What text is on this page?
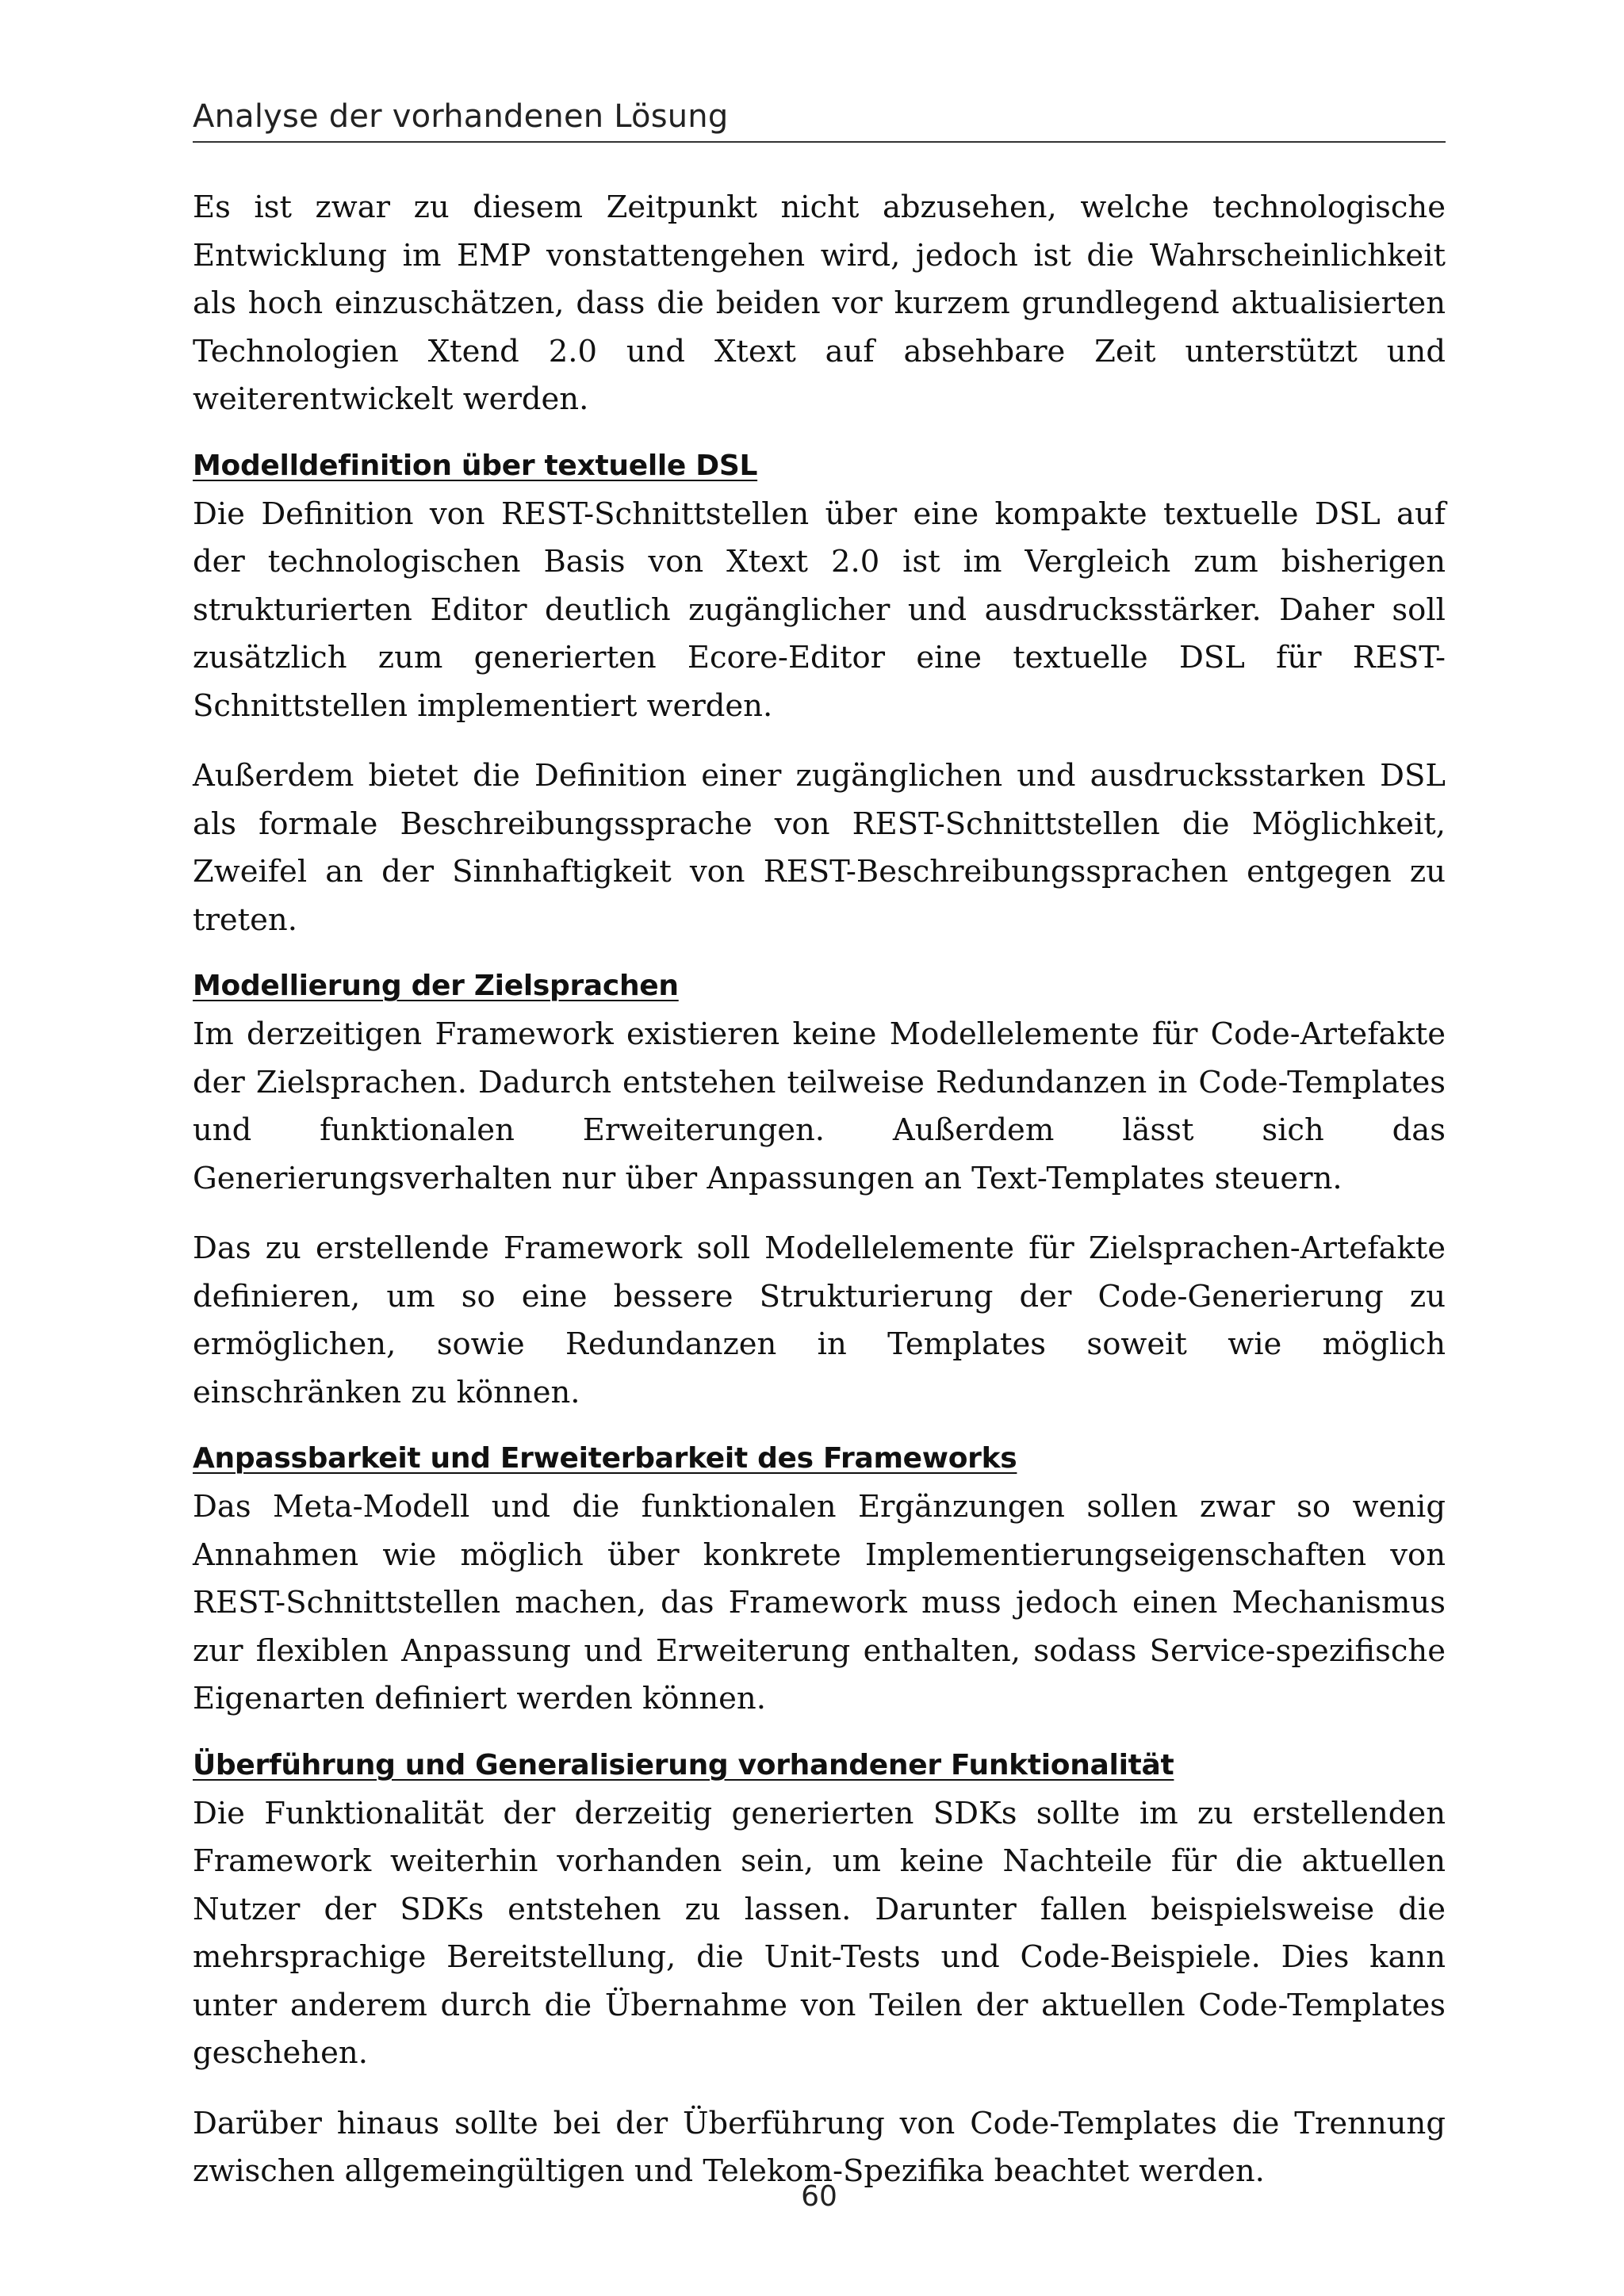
Analyse der vorhandenen Lösung

Es ist zwar zu diesem Zeitpunkt nicht abzusehen, welche technologische Entwicklung im EMP vonstattengehen wird, jedoch ist die Wahrscheinlichkeit als hoch einzuschätzen, dass die beiden vor kurzem grundlegend aktualisierten Technologien Xtend 2.0 und Xtext auf absehbare Zeit unterstützt und weiterentwickelt werden.

Modelldefinition über textuelle DSL

Die Definition von REST-Schnittstellen über eine kompakte textuelle DSL auf der technologischen Basis von Xtext 2.0 ist im Vergleich zum bisherigen strukturierten Editor deutlich zugänglicher und ausdrucksstärker. Daher soll zusätzlich zum generierten Ecore-Editor eine textuelle DSL für REST-Schnittstellen implementiert werden.

Außerdem bietet die Definition einer zugänglichen und ausdrucksstarken DSL als formale Beschreibungssprache von REST-Schnittstellen die Möglichkeit, Zweifel an der Sinnhaftigkeit von REST-Beschreibungssprachen entgegen zu treten.

Modellierung der Zielsprachen

Im derzeitigen Framework existieren keine Modellelemente für Code-Artefakte der Zielsprachen. Dadurch entstehen teilweise Redundanzen in Code-Templates und funktionalen Erweiterungen. Außerdem lässt sich das Generierungsverhalten nur über Anpassungen an Text-Templates steuern.

Das zu erstellende Framework soll Modellelemente für Zielsprachen-Artefakte definieren, um so eine bessere Strukturierung der Code-Generierung zu ermöglichen, sowie Redundanzen in Templates soweit wie möglich einschränken zu können.

Anpassbarkeit und Erweiterbarkeit des Frameworks

Das Meta-Modell und die funktionalen Ergänzungen sollen zwar so wenig Annahmen wie möglich über konkrete Implementierungseigenschaften von REST-Schnittstellen machen, das Framework muss jedoch einen Mechanismus zur flexiblen Anpassung und Erweiterung enthalten, sodass Service-spezifische Eigenarten definiert werden können.

Überführung und Generalisierung vorhandener Funktionalität

Die Funktionalität der derzeitig generierten SDKs sollte im zu erstellenden Framework weiterhin vorhanden sein, um keine Nachteile für die aktuellen Nutzer der SDKs entstehen zu lassen. Darunter fallen beispielsweise die mehrsprachige Bereitstellung, die Unit-Tests und Code-Beispiele. Dies kann unter anderem durch die Übernahme von Teilen der aktuellen Code-Templates geschehen.

Darüber hinaus sollte bei der Überführung von Code-Templates die Trennung zwischen allgemeingültigen und Telekom-Spezifika beachtet werden.

60
